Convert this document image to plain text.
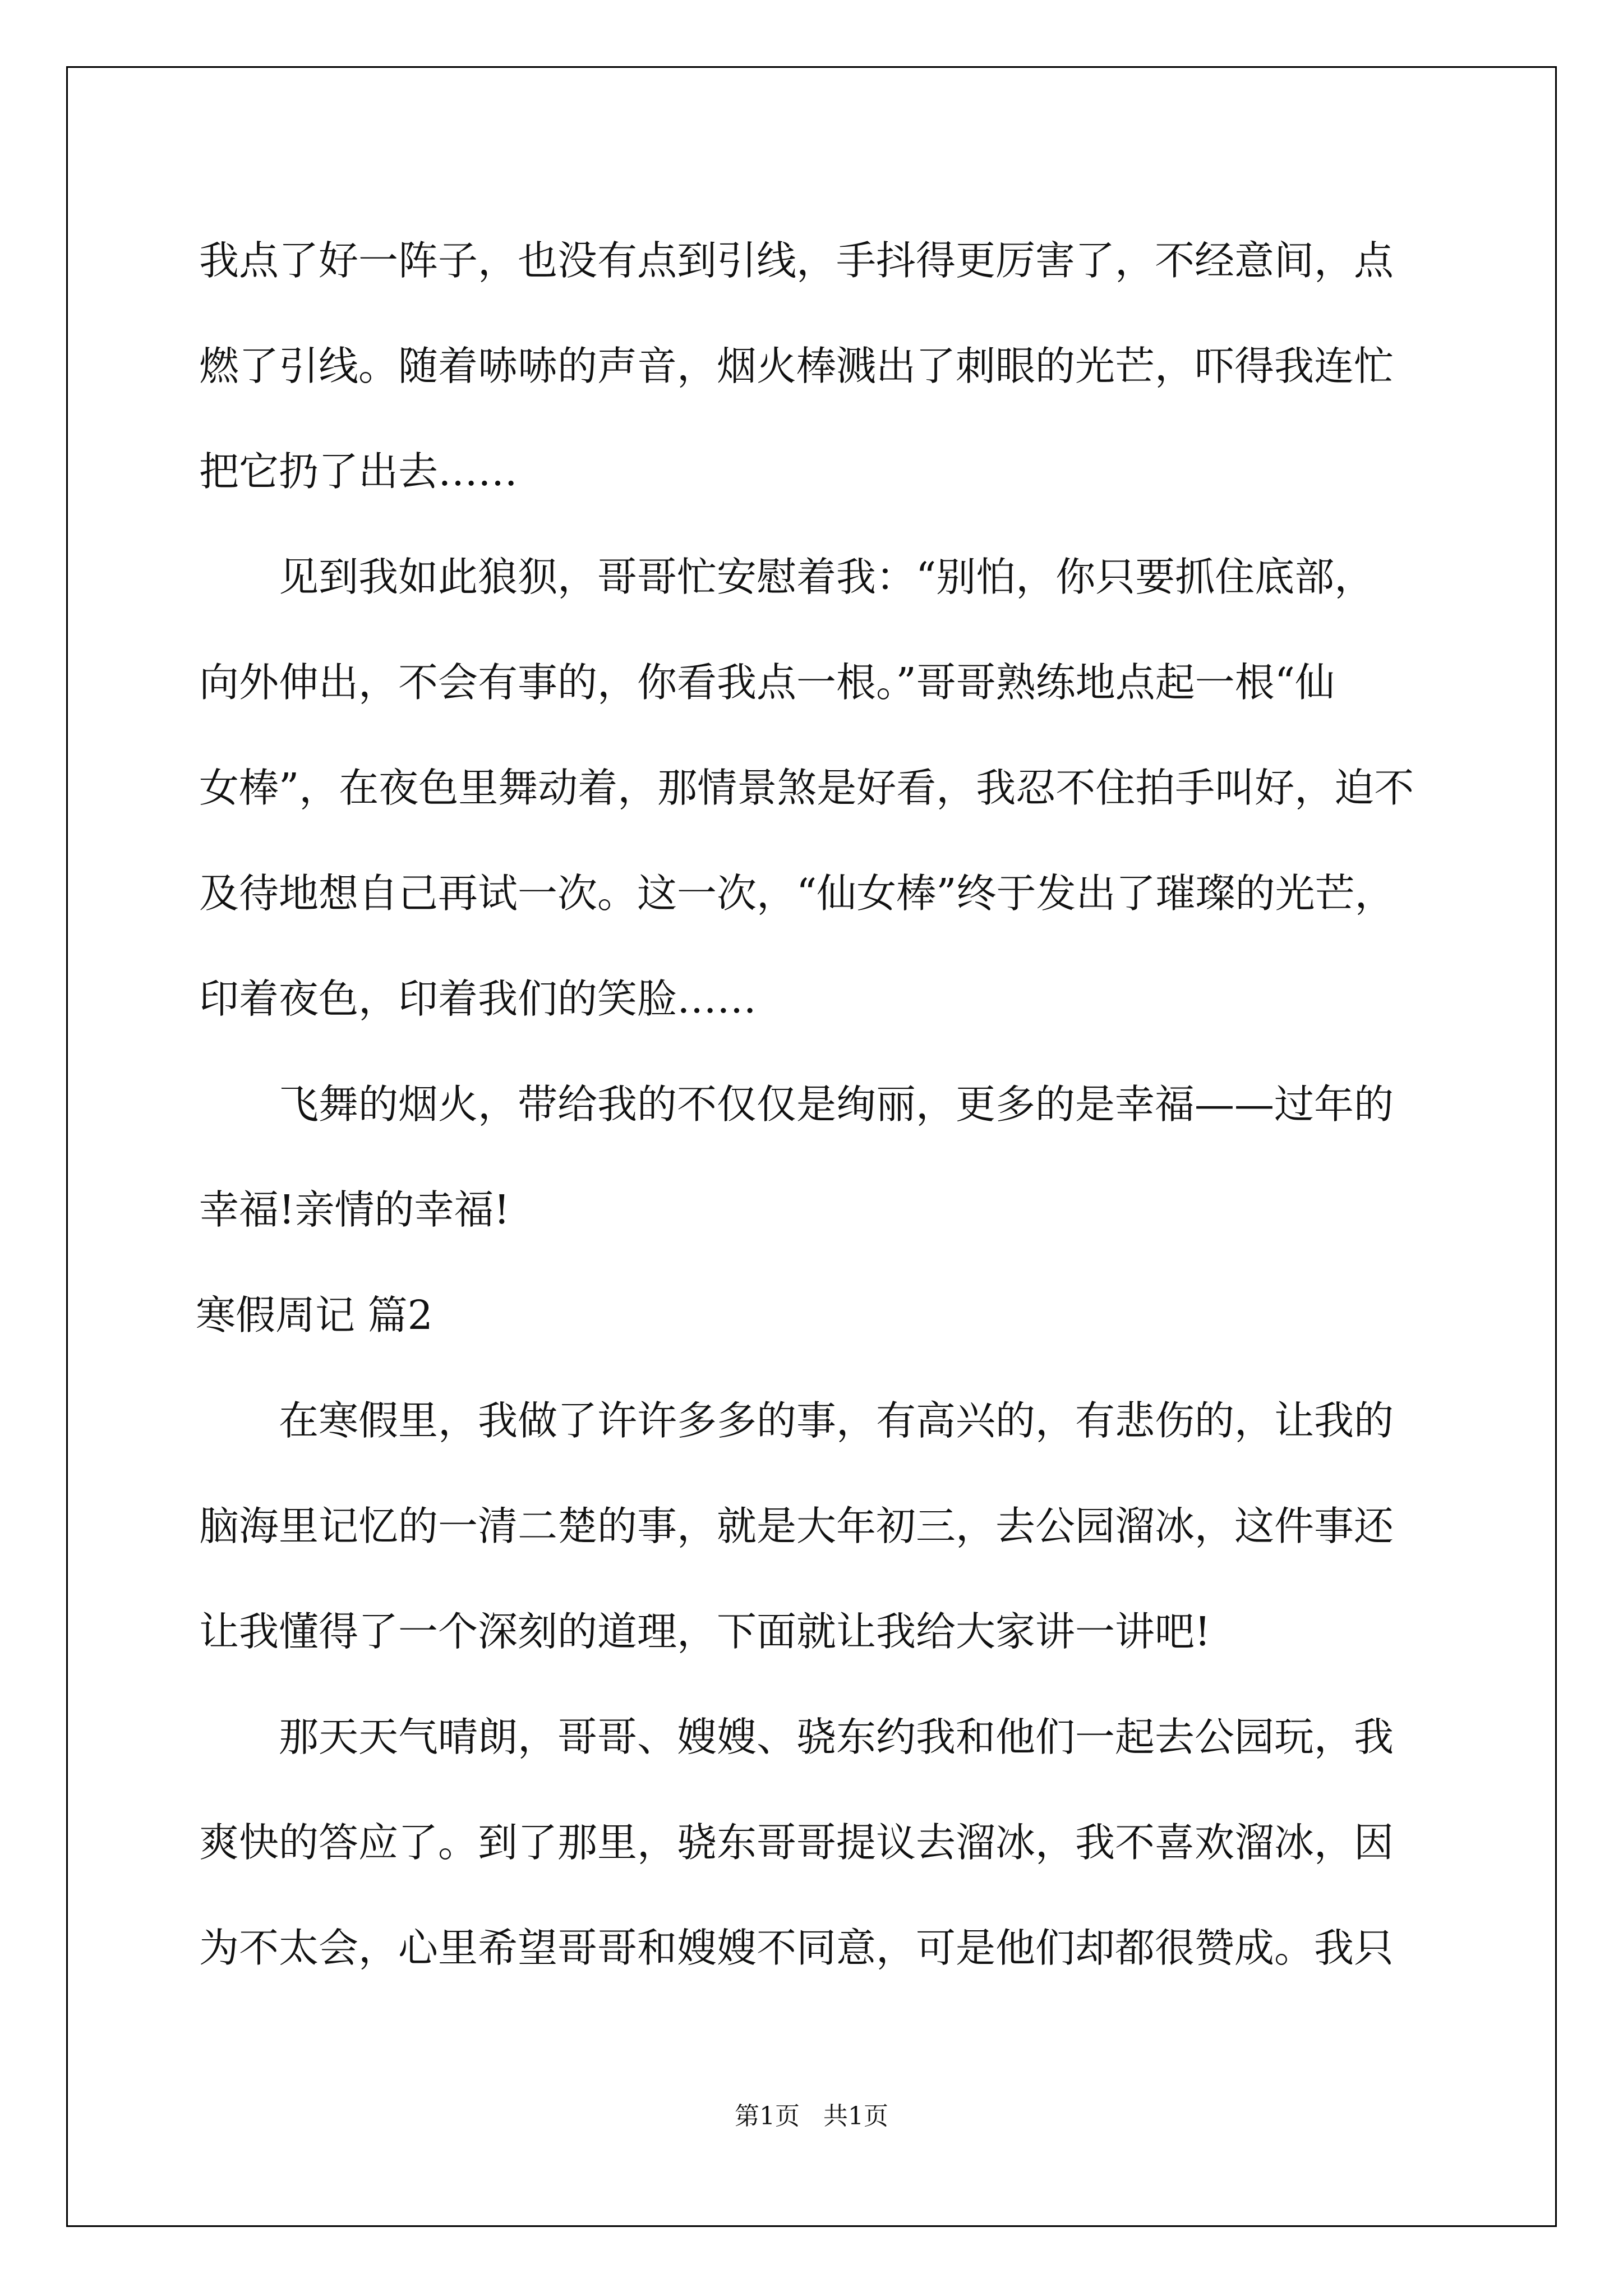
我点了好一阵子，也没有点到引线，手抖得更厉害了，不经意间，点
燃了引线。随着哧哧的声音，烟火棒溅出了刺眼的光芒，吓得我连忙
把它扔了出去……
见到我如此狼狈，哥哥忙安慰着我：“别怕，你只要抓住底部，
向外伸出，不会有事的，你看我点一根。”哥哥熟练地点起一根“仙
女棒”，在夜色里舞动着，那情景煞是好看，我忍不住拍手叫好，迫不
及待地想自己再试一次。这一次，“仙女棒”终于发出了璀璨的光芒，
印着夜色，印着我们的笑脸……
飞舞的烟火，带给我的不仅仅是绚丽，更多的是幸福——过年的
幸福!亲情的幸福!
寒假周记 篇2
在寒假里，我做了许许多多的事，有高兴的，有悲伤的，让我的
脑海里记忆的一清二楚的事，就是大年初三，去公园溜冰，这件事还
让我懂得了一个深刻的道理，下面就让我给大家讲一讲吧!
那天天气晴朗，哥哥、嫂嫂、骁东约我和他们一起去公园玩，我
爽快的答应了。到了那里，骁东哥哥提议去溜冰，我不喜欢溜冰，因
为不太会，心里希望哥哥和嫂嫂不同意，可是他们却都很赞成。我只
第1页 共1页
